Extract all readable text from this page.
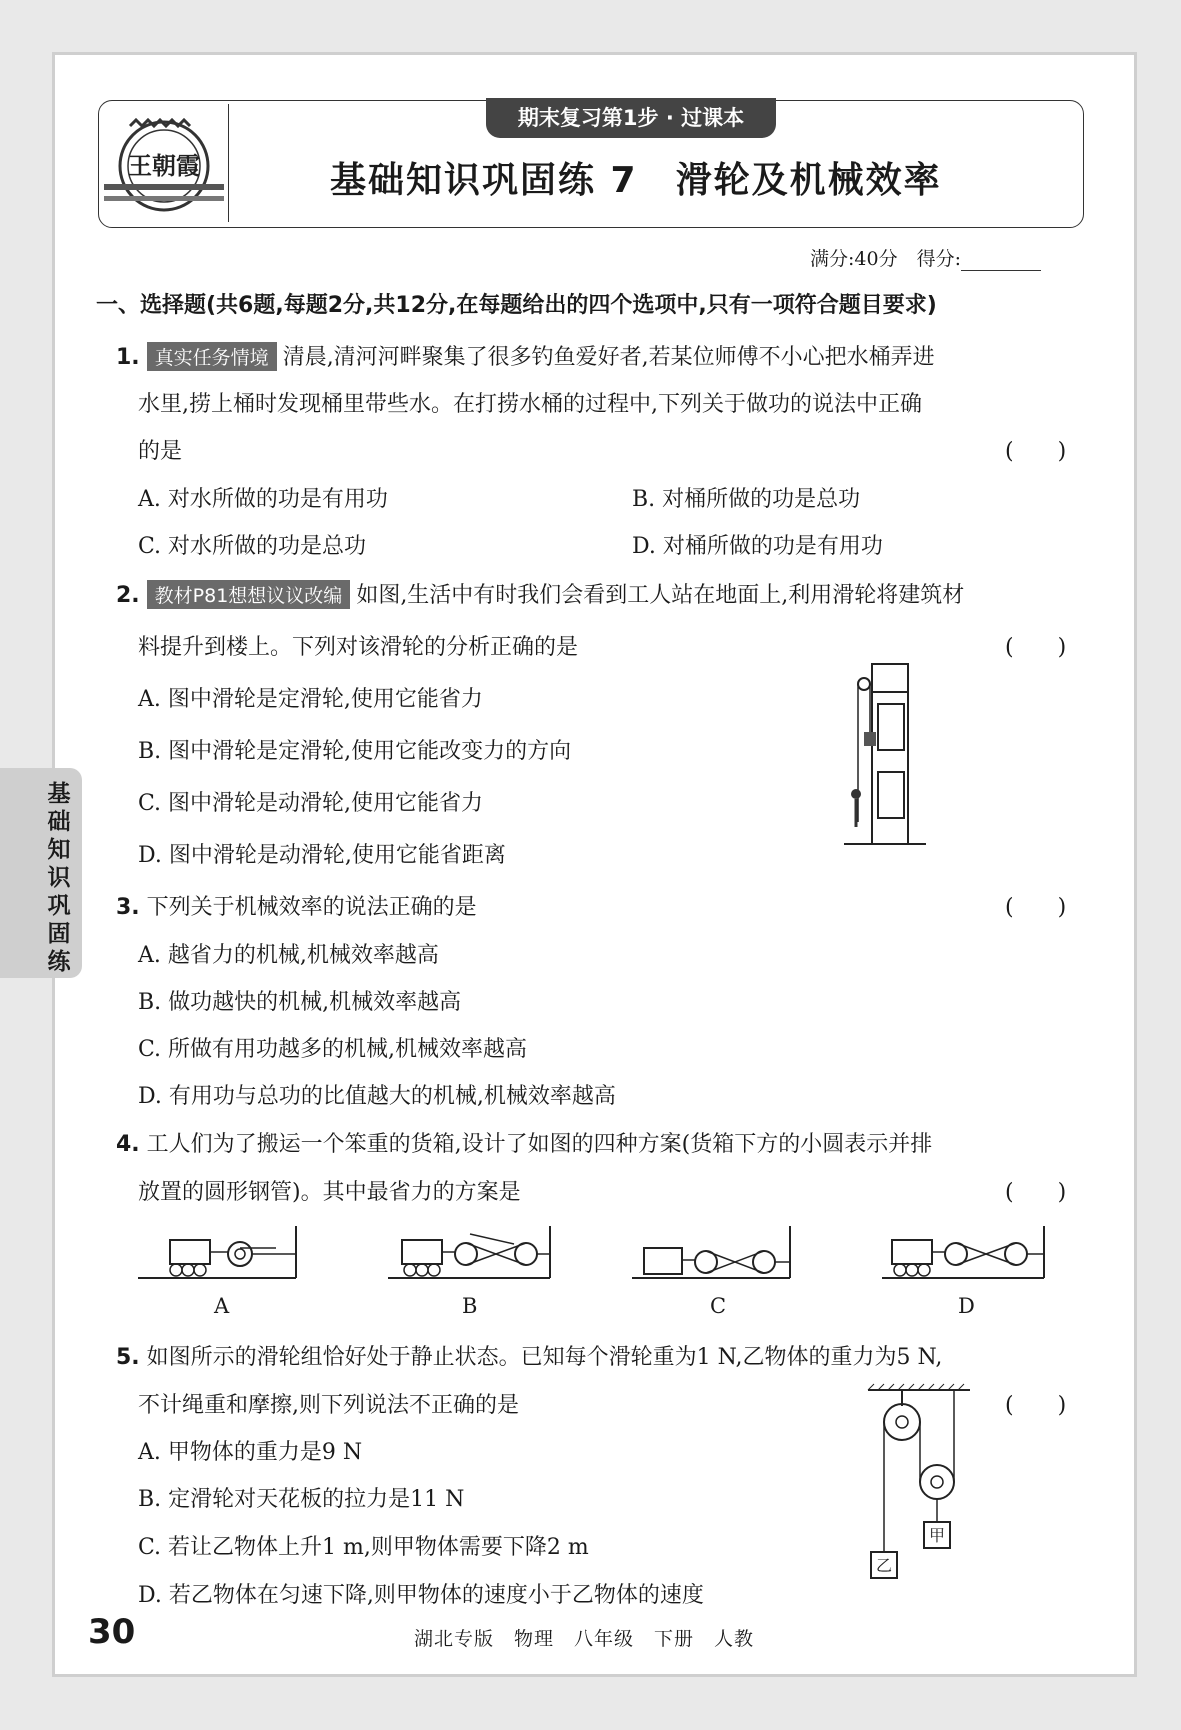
王朝霞
期末复习第1步 · 过课本
基础知识巩固练 7　滑轮及机械效率
满分:40分　得分:
一、选择题(共6题,每题2分,共12分,在每题给出的四个选项中,只有一项符合题目要求)
1. 真实任务情境 清晨,清河河畔聚集了很多钓鱼爱好者,若某位师傅不小心把水桶弄进
水里,捞上桶时发现桶里带些水。在打捞水桶的过程中,下列关于做功的说法中正确
的是	(　　)
A. 对水所做的功是有用功	B. 对桶所做的功是总功
C. 对水所做的功是总功	D. 对桶所做的功是有用功
2. 教材P81想想议议改编 如图,生活中有时我们会看到工人站在地面上,利用滑轮将建筑材
料提升到楼上。下列对该滑轮的分析正确的是	(　　)
A. 图中滑轮是定滑轮,使用它能省力
B. 图中滑轮是定滑轮,使用它能改变力的方向
C. 图中滑轮是动滑轮,使用它能省力
D. 图中滑轮是动滑轮,使用它能省距离
基础知识巩固练
3. 下列关于机械效率的说法正确的是	(　　)
A. 越省力的机械,机械效率越高
B. 做功越快的机械,机械效率越高
C. 所做有用功越多的机械,机械效率越高
D. 有用功与总功的比值越大的机械,机械效率越高
4. 工人们为了搬运一个笨重的货箱,设计了如图的四种方案(货箱下方的小圆表示并排
放置的圆形钢管)。其中最省力的方案是	(　　)
A	B	C	D
5. 如图所示的滑轮组恰好处于静止状态。已知每个滑轮重为1 N,乙物体的重力为5 N,
不计绳重和摩擦,则下列说法不正确的是	(　　)
A. 甲物体的重力是9 N
B. 定滑轮对天花板的拉力是11 N
C. 若让乙物体上升1 m,则甲物体需要下降2 m
D. 若乙物体在匀速下降,则甲物体的速度小于乙物体的速度
甲
乙
30	湖北专版　物理　八年级　下册　人教
